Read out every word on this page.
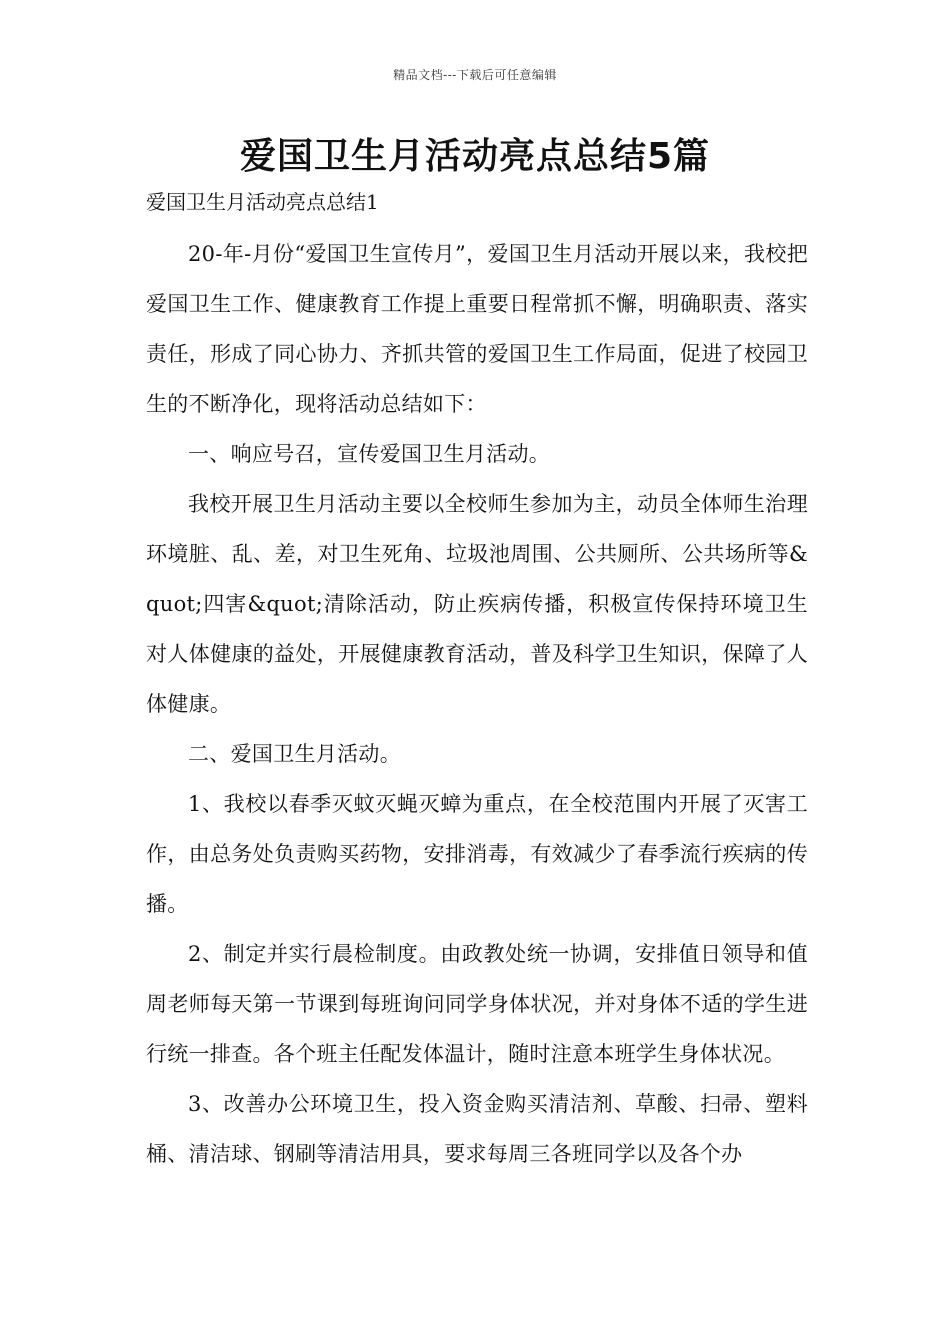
精品文档---下载后可任意编辑
爱国卫生月活动亮点总结5篇
爱国卫生月活动亮点总结1

20-年-月份“爱国卫生宣传月”，爱国卫生月活动开展以来，我校把爱国卫生工作、健康教育工作提上重要日程常抓不懈，明确职责、落实责任，形成了同心协力、齐抓共管的爱国卫生工作局面，促进了校园卫生的不断净化，现将活动总结如下：

一、响应号召，宣传爱国卫生月活动。

我校开展卫生月活动主要以全校师生参加为主，动员全体师生治理环境脏、乱、差，对卫生死角、垃圾池周围、公共厕所、公共场所等&quot;四害&quot;清除活动，防止疾病传播，积极宣传保持环境卫生对人体健康的益处，开展健康教育活动，普及科学卫生知识，保障了人体健康。

二、爱国卫生月活动。

1、我校以春季灭蚊灭蝇灭蟑为重点，在全校范围内开展了灭害工作，由总务处负责购买药物，安排消毒，有效减少了春季流行疾病的传播。

2、制定并实行晨检制度。由政教处统一协调，安排值日领导和值周老师每天第一节课到每班询问同学身体状况，并对身体不适的学生进行统一排查。各个班主任配发体温计，随时注意本班学生身体状况。

3、改善办公环境卫生，投入资金购买清洁剂、草酸、扫帚、塑料桶、清洁球、钢刷等清洁用具，要求每周三各班同学以及各个办
